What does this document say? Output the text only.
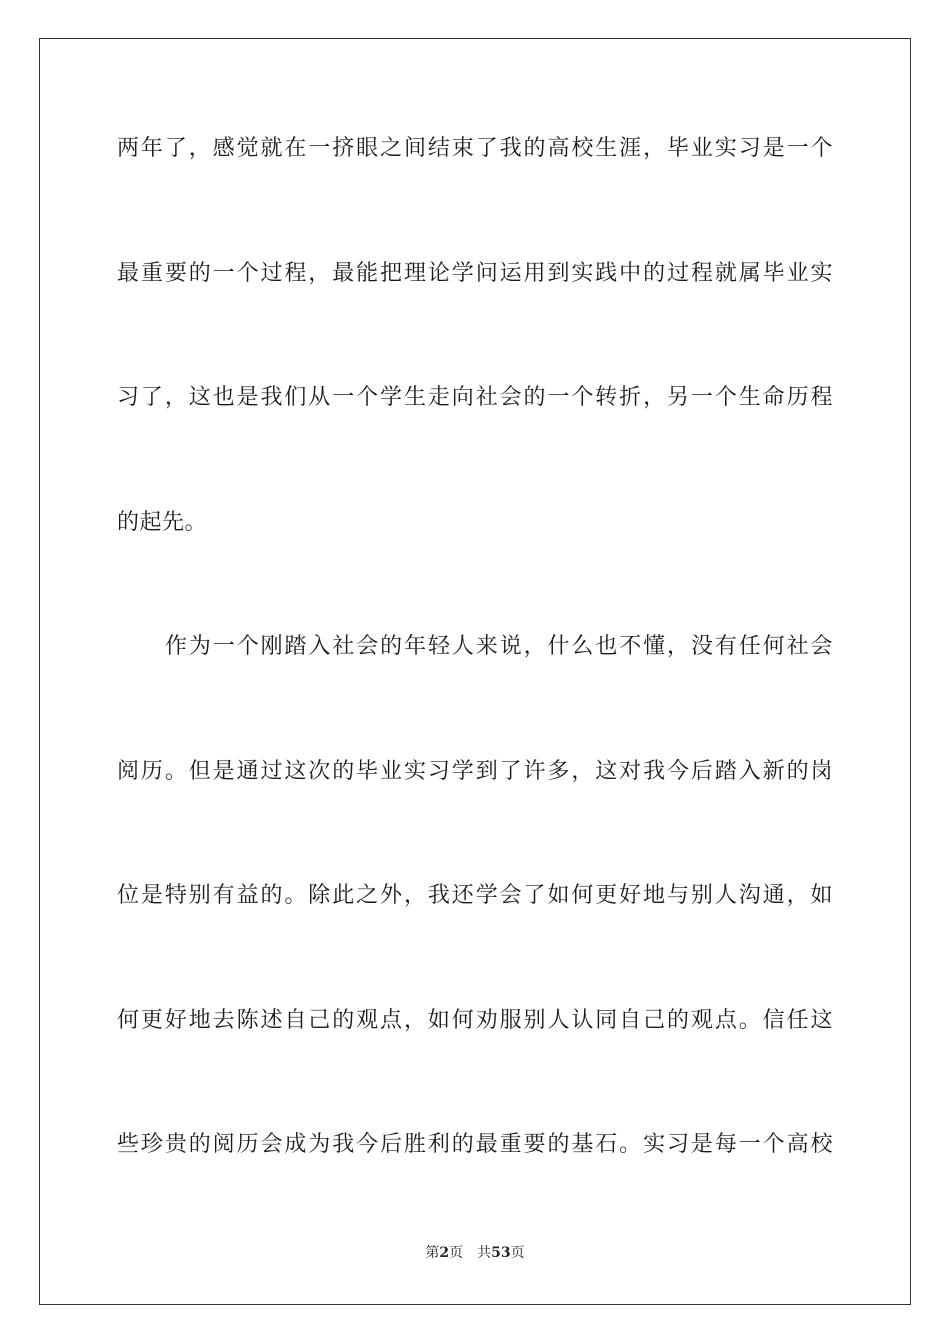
两年了，感觉就在一挤眼之间结束了我的高校生涯，毕业实习是一个
最重要的一个过程，最能把理论学问运用到实践中的过程就属毕业实
习了，这也是我们从一个学生走向社会的一个转折，另一个生命历程
的起先。
作为一个刚踏入社会的年轻人来说，什么也不懂，没有任何社会
阅历。但是通过这次的毕业实习学到了许多，这对我今后踏入新的岗
位是特别有益的。除此之外，我还学会了如何更好地与别人沟通，如
何更好地去陈述自己的观点，如何劝服别人认同自己的观点。信任这
些珍贵的阅历会成为我今后胜利的最重要的基石。实习是每一个高校
第2页 共53页
